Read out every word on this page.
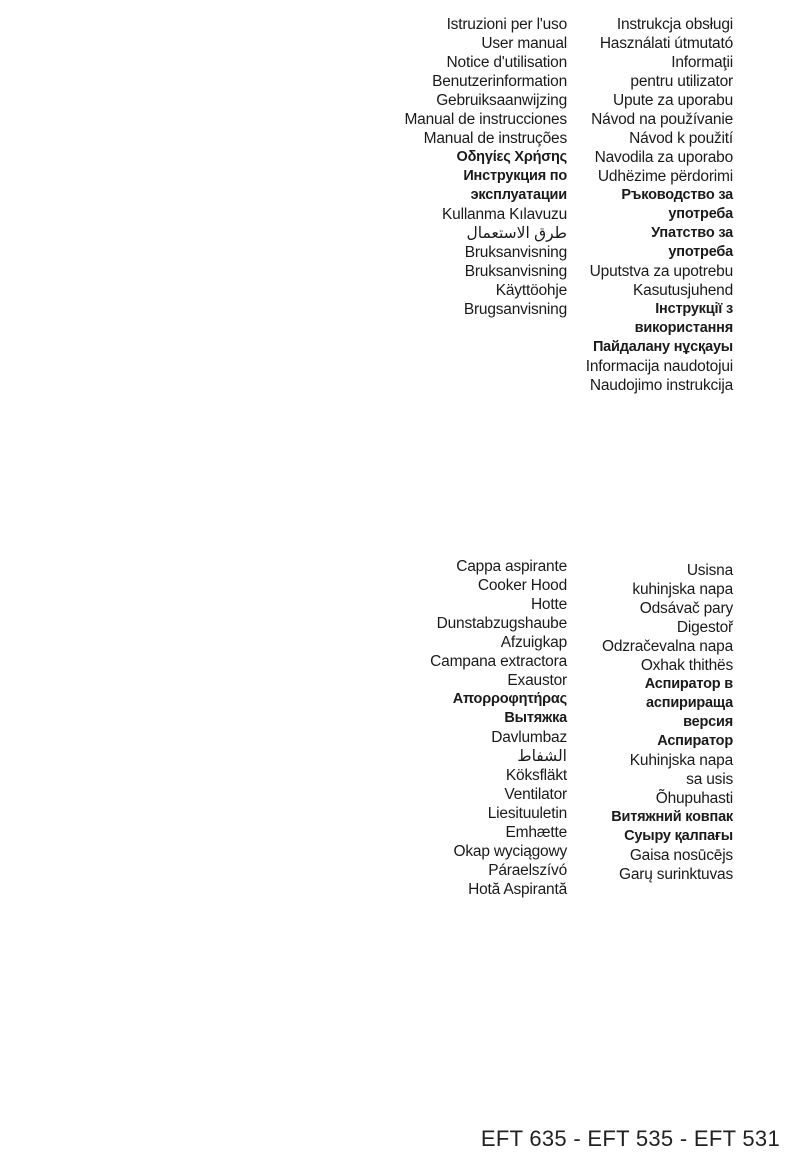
Istruzioni per l'uso
User manual
Notice d'utilisation
Benutzerinformation
Gebruiksaanwijzing
Manual de instrucciones
Manual de instruções
Οδηγίες Χρήσης
Инструкция по
эксплуатации
Kullanma Kılavuzu
طرق الاستعمال
Bruksanvisning
Bruksanvisning
Käyttöohje
Brugsanvisning
Instrukcja obsługi
Használati útmutató
Informaţii
pentru utilizator
Upute za uporabu
Návod na používanie
Návod k použití
Navodila za uporabo
Udhëzime përdorimi
Ръководство за
употреба
Упатство за
употреба
Uputstva za upotrebu
Kasutusjuhend
Інструкції з
використання
Пайдалану нұсқауы
Informacija naudotojui
Naudojimo instrukcija
Cappa aspirante
Cooker Hood
Hotte
Dunstabzugshaube
Afzuigkap
Campana extractora
Exaustor
Απορροφητήρας
Вытяжка
Davlumbaz
الشفاط
Köksfläkt
Ventilator
Liesituuletin
Emhætte
Okap wyciągowy
Páraelszívó
Hotă Aspirantă
Usisna
kuhinjska napa
Odsávač pary
Digestoř
Odzračevalna napa
Oxhak thithës
Аспиратор в
аспирираща
версия
Аспиратор
Kuhinjska napa
sa usis
Õhupuhasti
Витяжний ковпак
Суыру қалпағы
Gaisa nosūcējs
Garų surinktuvas
EFT 635 - EFT 535 - EFT 531
